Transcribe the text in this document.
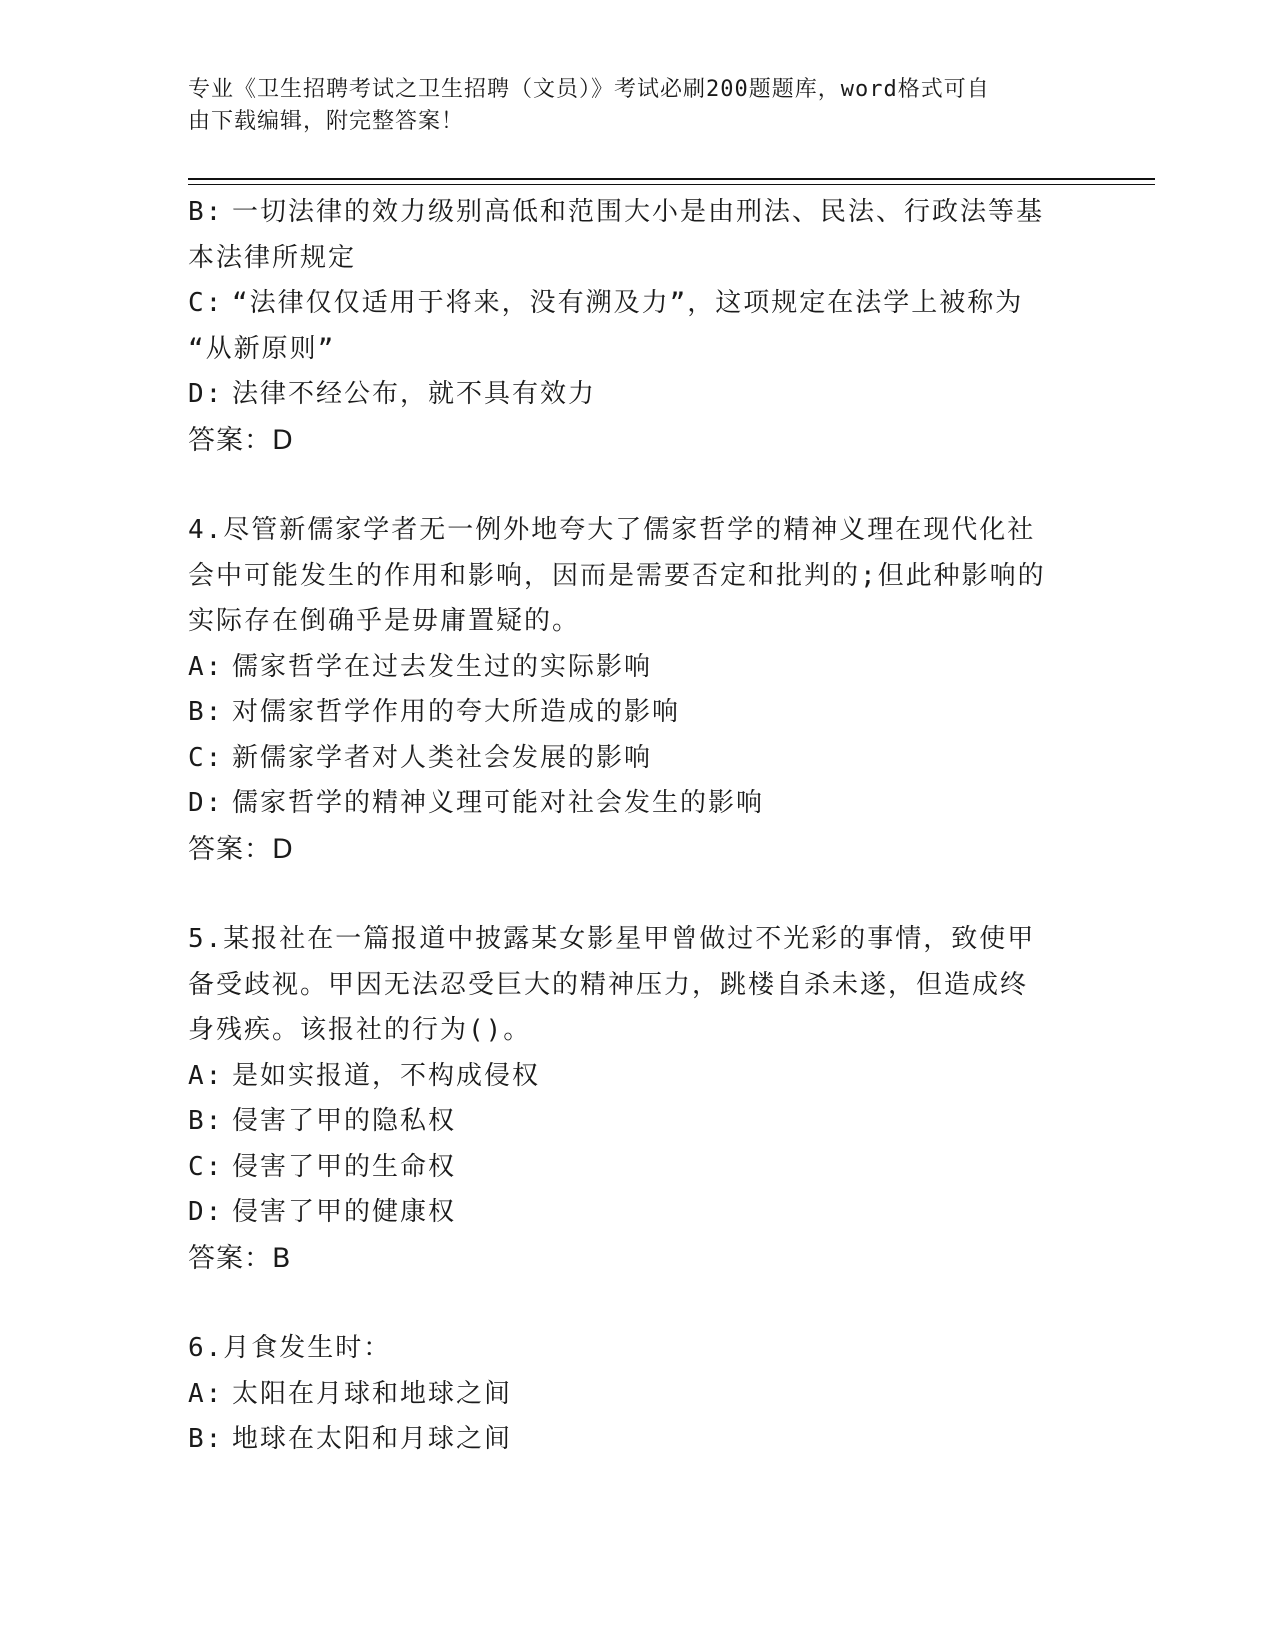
专业《卫生招聘考试之卫生招聘（文员）》考试必刷200题题库，word格式可自
由下载编辑，附完整答案！
B: 一切法律的效力级别高低和范围大小是由刑法、民法、行政法等基
本法律所规定
C: “法律仅仅适用于将来，没有溯及力”，这项规定在法学上被称为
“从新原则”
D: 法律不经公布，就不具有效力
答案：D
4.尽管新儒家学者无一例外地夸大了儒家哲学的精神义理在现代化社
会中可能发生的作用和影响，因而是需要否定和批判的;但此种影响的
实际存在倒确乎是毋庸置疑的。
A: 儒家哲学在过去发生过的实际影响
B: 对儒家哲学作用的夸大所造成的影响
C: 新儒家学者对人类社会发展的影响
D: 儒家哲学的精神义理可能对社会发生的影响
答案：D
5.某报社在一篇报道中披露某女影星甲曾做过不光彩的事情，致使甲
备受歧视。甲因无法忍受巨大的精神压力，跳楼自杀未遂，但造成终
身残疾。该报社的行为()。
A: 是如实报道，不构成侵权
B: 侵害了甲的隐私权
C: 侵害了甲的生命权
D: 侵害了甲的健康权
答案：B
6.月食发生时：
A: 太阳在月球和地球之间
B: 地球在太阳和月球之间
